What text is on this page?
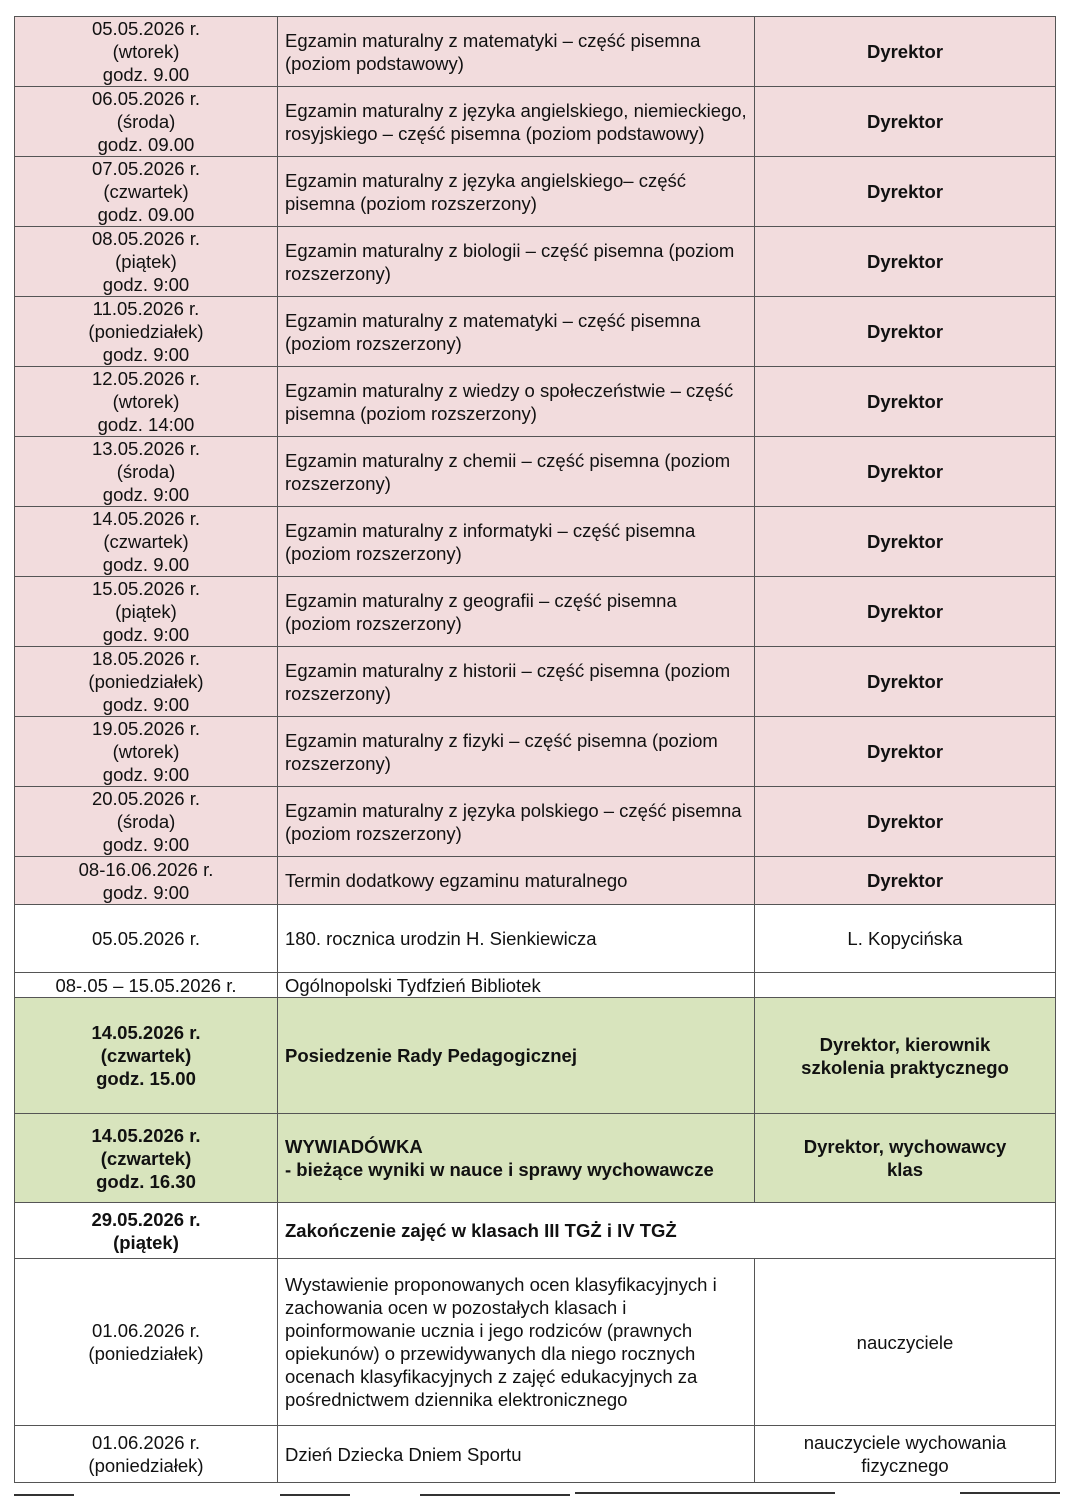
05.05.2026 r.
(wtorek)
godz. 9.00	Egzamin maturalny z matematyki – część pisemna (poziom podstawowy)	Dyrektor

06.05.2026 r.
(środa)
godz. 09.00	Egzamin maturalny z języka angielskiego, niemieckiego, rosyjskiego – część pisemna (poziom podstawowy)	Dyrektor

07.05.2026 r.
(czwartek)
godz. 09.00	Egzamin maturalny z języka angielskiego– część pisemna (poziom rozszerzony)	Dyrektor

08.05.2026 r.
(piątek)
godz. 9:00	Egzamin maturalny z biologii – część pisemna (poziom rozszerzony)	Dyrektor

11.05.2026 r.
(poniedziałek)
godz. 9:00	Egzamin maturalny z matematyki – część pisemna (poziom rozszerzony)	Dyrektor

12.05.2026 r.
(wtorek)
godz. 14:00	Egzamin maturalny z wiedzy o społeczeństwie – część pisemna (poziom rozszerzony)	Dyrektor

13.05.2026 r.
(środa)
godz. 9:00	Egzamin maturalny z chemii – część pisemna (poziom rozszerzony)	Dyrektor

14.05.2026 r.
(czwartek)
godz. 9.00	Egzamin maturalny z informatyki – część pisemna (poziom rozszerzony)	Dyrektor

15.05.2026 r.
(piątek)
godz. 9:00	Egzamin maturalny z geografii – część pisemna (poziom rozszerzony)	Dyrektor

18.05.2026 r.
(poniedziałek)
godz. 9:00	Egzamin maturalny z historii – część pisemna (poziom rozszerzony)	Dyrektor

19.05.2026 r.
(wtorek)
godz. 9:00	Egzamin maturalny z fizyki – część pisemna (poziom rozszerzony)	Dyrektor

20.05.2026 r.
(środa)
godz. 9:00	Egzamin maturalny z języka polskiego – część pisemna (poziom rozszerzony)	Dyrektor

08-16.06.2026 r.
godz. 9:00	Termin dodatkowy egzaminu maturalnego	Dyrektor

05.05.2026 r.	180. rocznica urodzin H. Sienkiewicza	L. Kopycińska

08-.05 – 15.05.2026 r.	Ogólnopolski Tydfzień Bibliotek	

14.05.2026 r.
(czwartek)
godz. 15.00	Posiedzenie Rady Pedagogicznej	Dyrektor, kierownik szkolenia praktycznego

14.05.2026 r.
(czwartek)
godz. 16.30	WYWIADÓWKA
- bieżące wyniki w nauce i sprawy wychowawcze	Dyrektor, wychowawcy klas

29.05.2026 r.
(piątek)	Zakończenie zajęć w klasach III TGŻ i IV TGŻ	

01.06.2026 r.
(poniedziałek)	Wystawienie proponowanych ocen klasyfikacyjnych i zachowania ocen w pozostałych klasach i poinformowanie ucznia i jego rodziców (prawnych opiekunów) o przewidywanych dla niego rocznych ocenach klasyfikacyjnych z zajęć edukacyjnych za pośrednictwem dziennika elektronicznego	nauczyciele

01.06.2026 r.
(poniedziałek)	Dzień Dziecka Dniem Sportu	nauczyciele wychowania fizycznego
